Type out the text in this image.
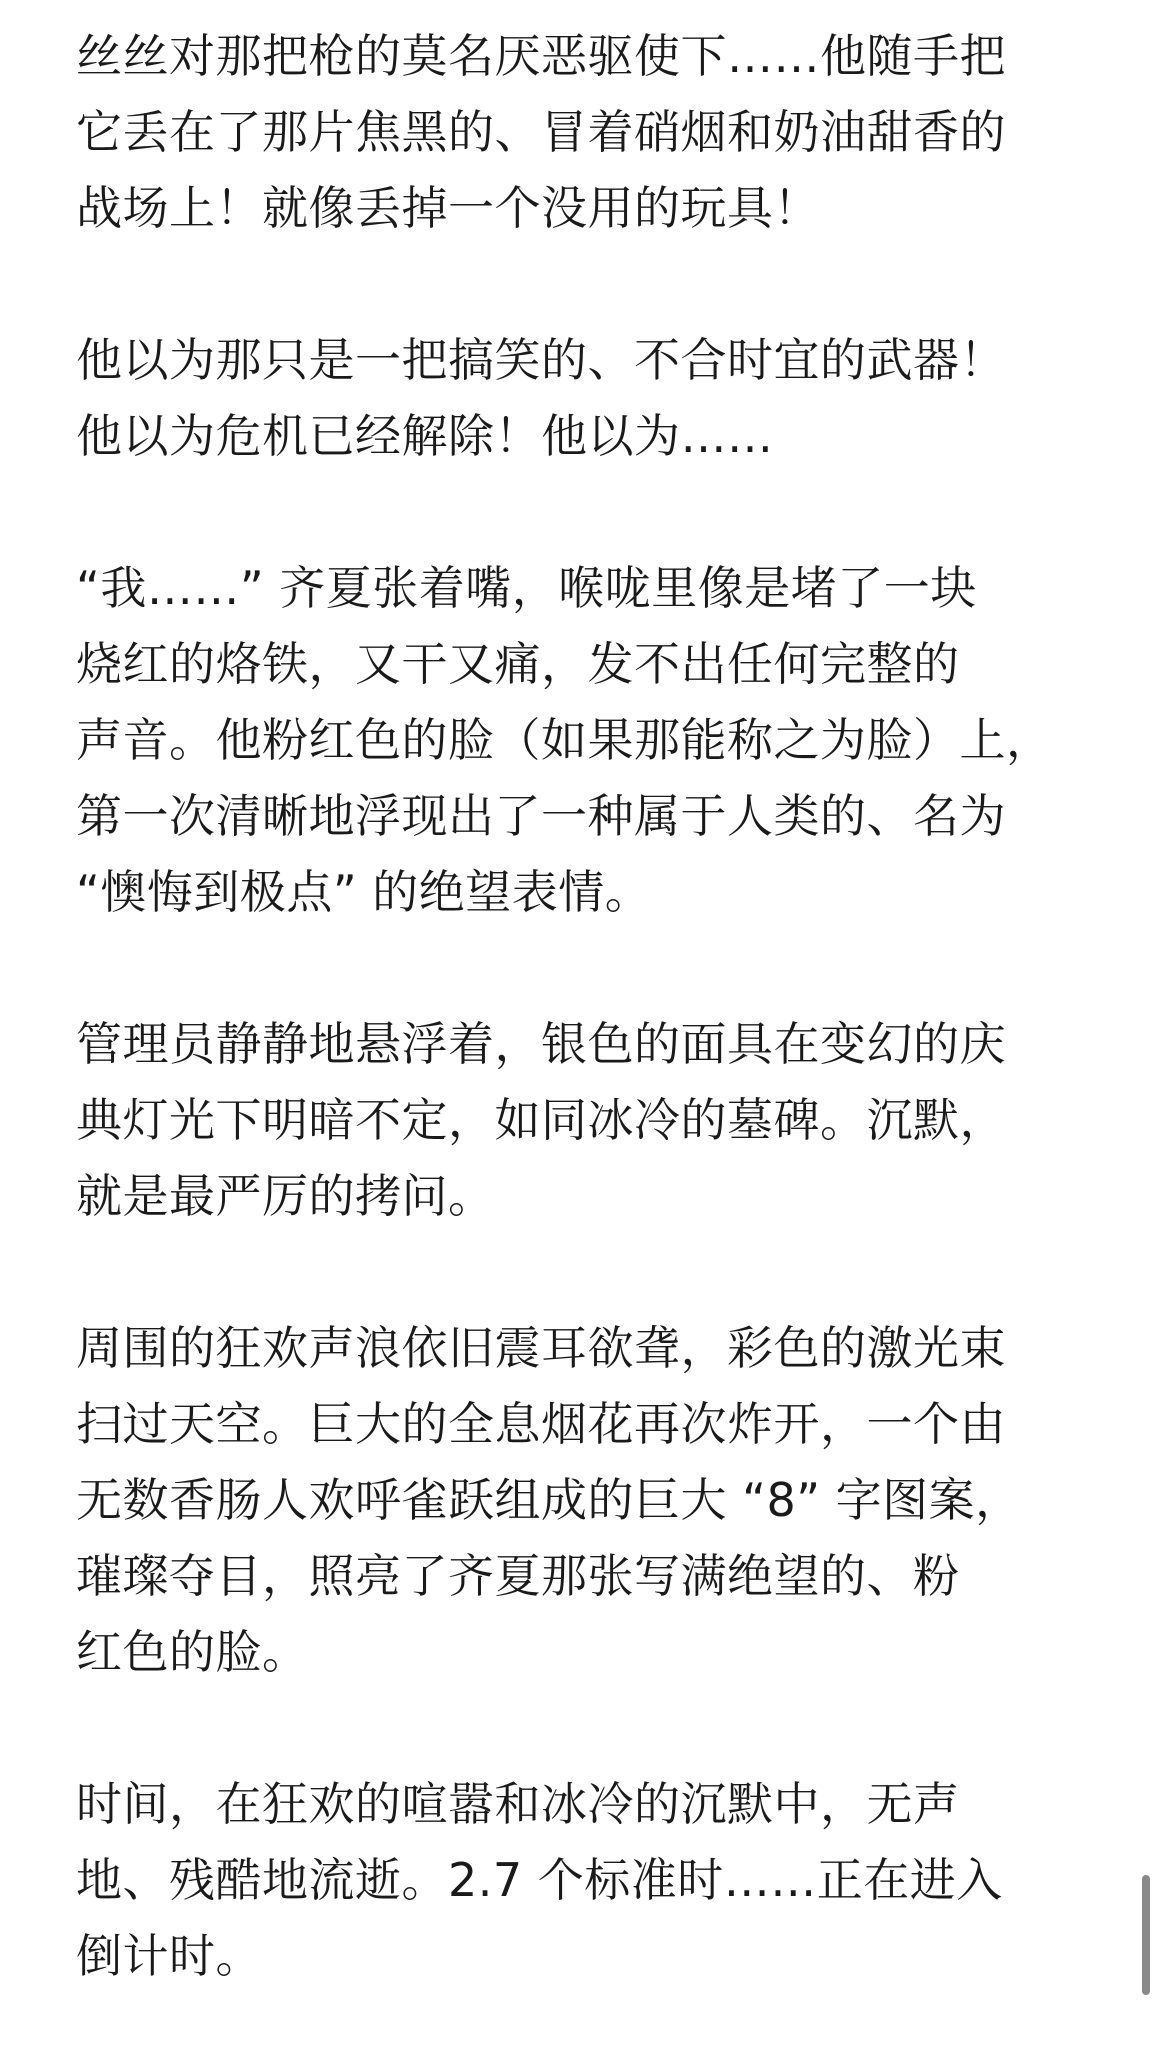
丝丝对那把枪的莫名厌恶驱使下……他随手把
它丢在了那片焦黑的、冒着硝烟和奶油甜香的
战场上！就像丢掉一个没用的玩具！
他以为那只是一把搞笑的、不合时宜的武器！
他以为危机已经解除！他以为……
“我……” 齐夏张着嘴，喉咙里像是堵了一块
烧红的烙铁，又干又痛，发不出任何完整的
声音。他粉红色的脸（如果那能称之为脸）上，
第一次清晰地浮现出了一种属于人类的、名为
“懊悔到极点” 的绝望表情。
管理员静静地悬浮着，银色的面具在变幻的庆
典灯光下明暗不定，如同冰冷的墓碑。沉默，
就是最严厉的拷问。
周围的狂欢声浪依旧震耳欲聋，彩色的激光束
扫过天空。巨大的全息烟花再次炸开，一个由
无数香肠人欢呼雀跃组成的巨大 “8” 字图案，
璀璨夺目，照亮了齐夏那张写满绝望的、粉
红色的脸。
时间，在狂欢的喧嚣和冰冷的沉默中，无声
地、残酷地流逝。2.7 个标准时……正在进入
倒计时。
